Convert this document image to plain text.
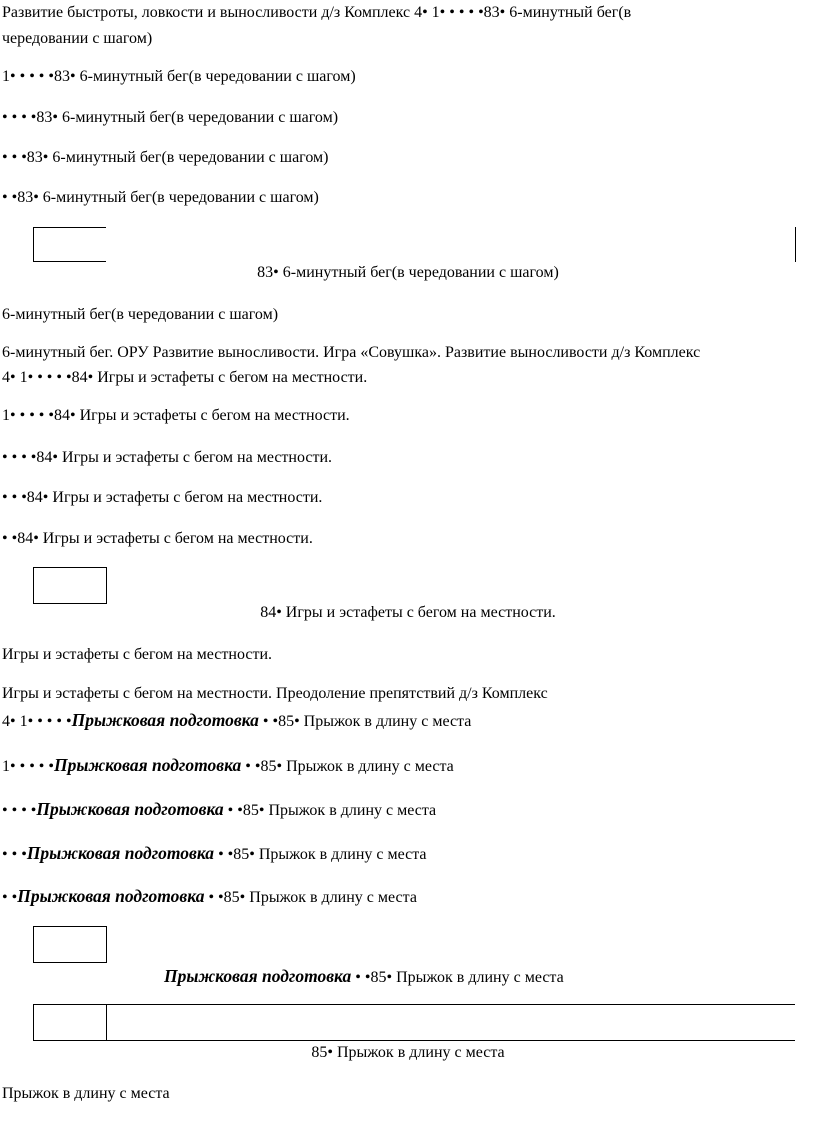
Развитие быстроты, ловкости и выносливости д/з Комплекс 4• 1• • • • •83• 6-минутный бег(в
чередовании с шагом)
1• • • • •83• 6-минутный бег(в чередовании с шагом)
• • • •83• 6-минутный бег(в чередовании с шагом)
• • •83• 6-минутный бег(в чередовании с шагом)
• •83• 6-минутный бег(в чередовании с шагом)
83• 6-минутный бег(в чередовании с шагом)
6-минутный бег(в чередовании с шагом)
6-минутный бег. ОРУ Развитие выносливости. Игра «Совушка». Развитие выносливости д/з Комплекс
4• 1• • • • •84• Игры и эстафеты с бегом на местности.
1• • • • •84• Игры и эстафеты с бегом на местности.
• • • •84• Игры и эстафеты с бегом на местности.
• • •84• Игры и эстафеты с бегом на местности.
• •84• Игры и эстафеты с бегом на местности.
84• Игры и эстафеты с бегом на местности.
Игры и эстафеты с бегом на местности.
Игры и эстафеты с бегом на местности. Преодоление препятствий д/з Комплекс
4• 1• • • • •Прыжковая подготовка • •85• Прыжок в длину с места
1• • • • •Прыжковая подготовка • •85• Прыжок в длину с места
• • • •Прыжковая подготовка • •85• Прыжок в длину с места
• • •Прыжковая подготовка • •85• Прыжок в длину с места
• •Прыжковая подготовка • •85• Прыжок в длину с места
Прыжковая подготовка • •85• Прыжок в длину с места
85• Прыжок в длину с места
Прыжок в длину с места
